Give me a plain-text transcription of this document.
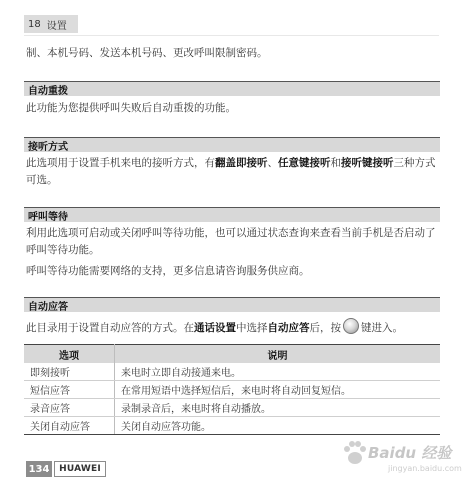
18 设置
制、本机号码、发送本机号码、更改呼叫限制密码。
自动重拨
此功能为您提供呼叫失败后自动重拨的功能。
接听方式
此选项用于设置手机来电的接听方式，有翻盖即接听、任意键接听和接听键接听三种方式可选。
呼叫等待
利用此选项可启动或关闭呼叫等待功能，也可以通过状态查询来查看当前手机是否启动了呼叫等待功能。
呼叫等待功能需要网络的支持，更多信息请咨询服务供应商。
自动应答
此目录用于设置自动应答的方式。在通话设置中选择自动应答后，按 键进入。
选项	说明
即刻接听	来电时立即自动接通来电。
短信应答	在常用短语中选择短信后，来电时将自动回复短信。
录音应答	录制录音后，来电时将自动播放。
关闭自动应答	关闭自动应答功能。
134	HUAWEI
Baidu 经验
jingyan.baidu.com
